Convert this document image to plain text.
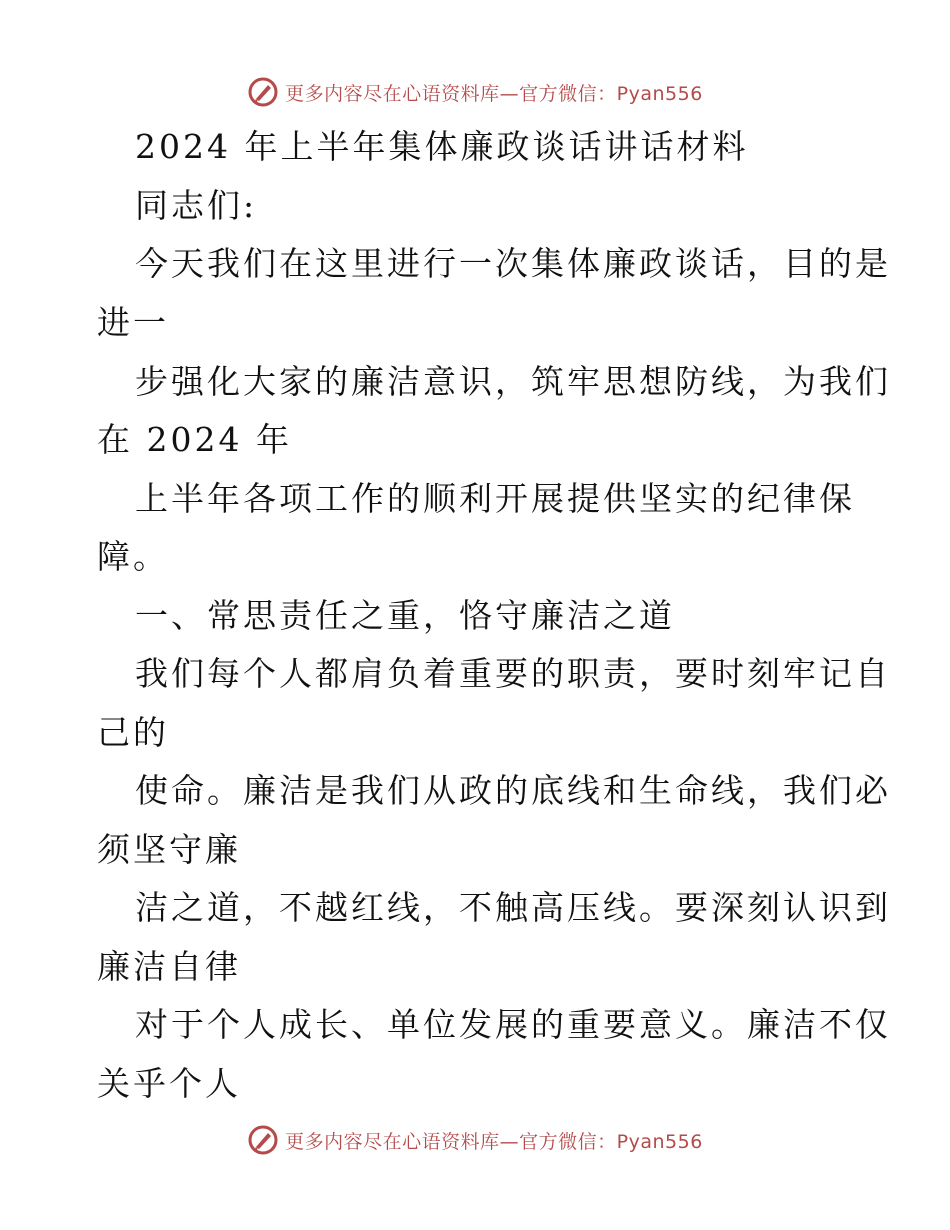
更多内容尽在心语资料库—官方微信：Pyan556
2024 年上半年集体廉政谈话讲话材料
同志们:
今天我们在这里进行一次集体廉政谈话，目的是
进一
步强化大家的廉洁意识，筑牢思想防线，为我们
在 2024 年
上半年各项工作的顺利开展提供坚实的纪律保
障。
一、常思责任之重，恪守廉洁之道
我们每个人都肩负着重要的职责，要时刻牢记自
己的
使命。廉洁是我们从政的底线和生命线，我们必
须坚守廉
洁之道，不越红线，不触高压线。要深刻认识到
廉洁自律
对于个人成长、单位发展的重要意义。廉洁不仅
关乎个人
更多内容尽在心语资料库—官方微信：Pyan556
